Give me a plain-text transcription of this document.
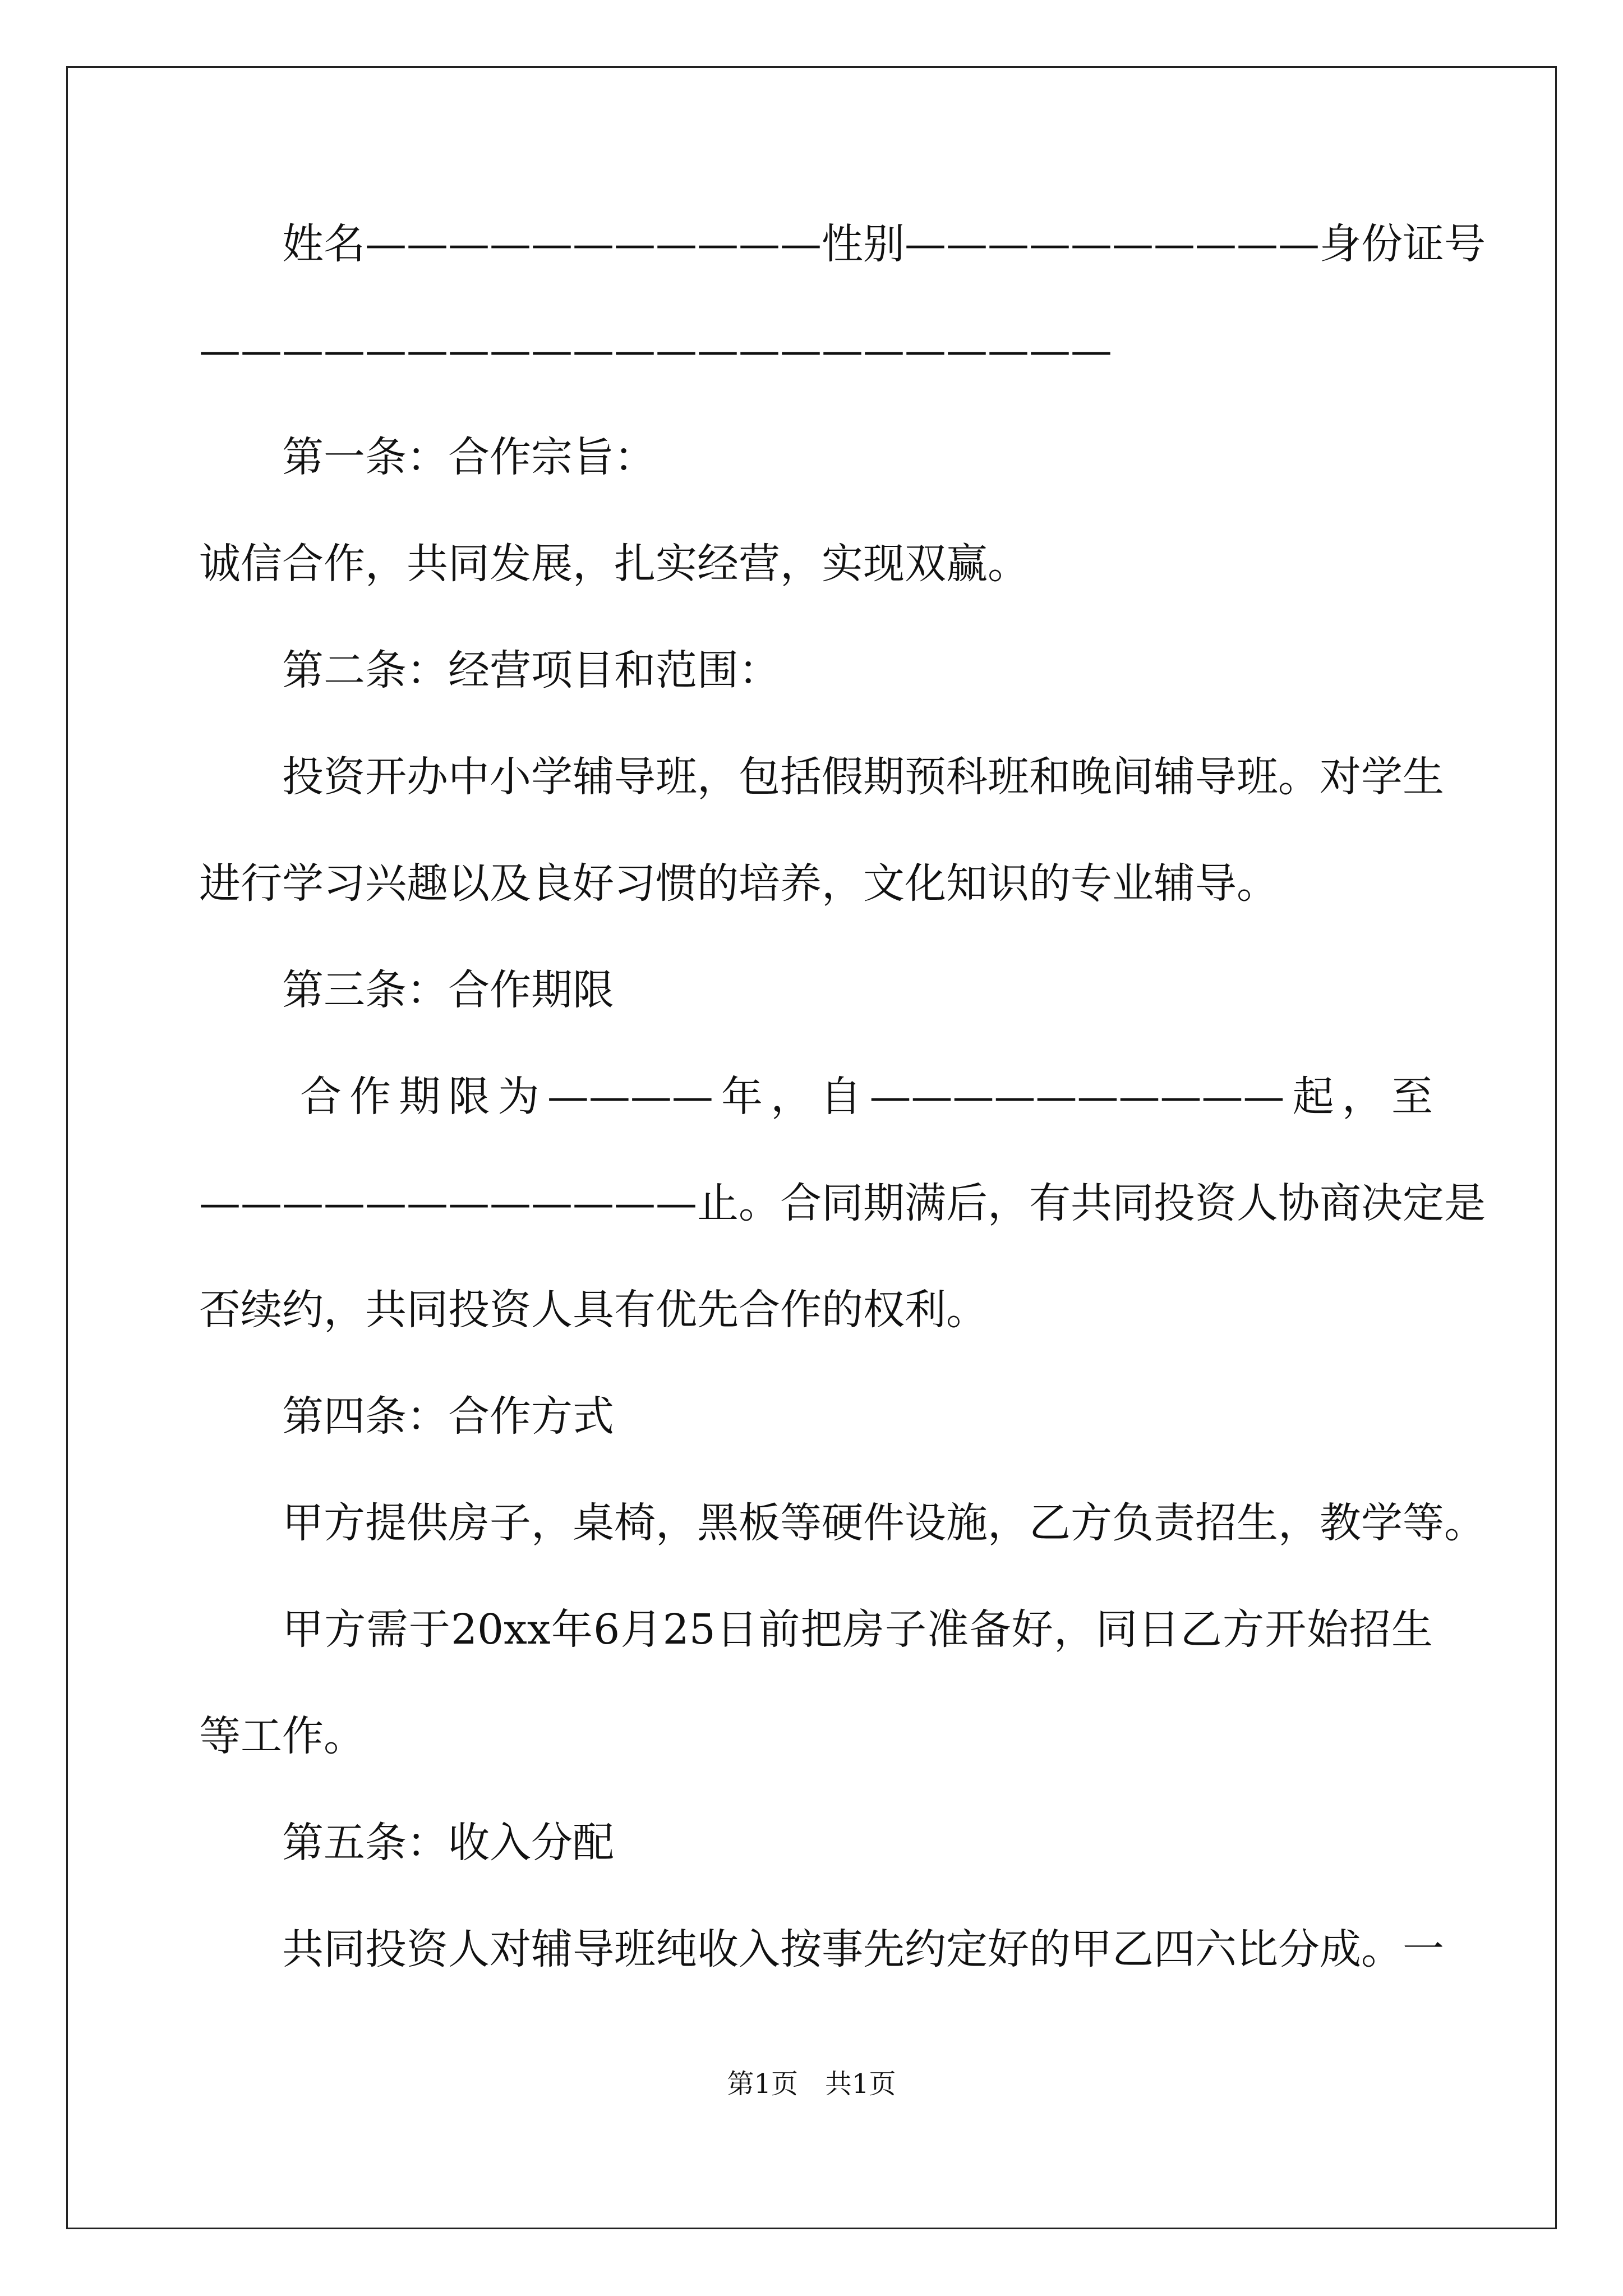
姓名———————————性别——————————身份证号
——————————————————————
第一条：合作宗旨：
诚信合作，共同发展，扎实经营，实现双赢。
第二条：经营项目和范围：
投资开办中小学辅导班，包括假期预科班和晚间辅导班。对学生
进行学习兴趣以及良好习惯的培养，文化知识的专业辅导。
第三条：合作期限
合作期限为————年，自——————————起，至
————————————止。合同期满后，有共同投资人协商决定是
否续约，共同投资人具有优先合作的权利。
第四条：合作方式
甲方提供房子，桌椅，黑板等硬件设施，乙方负责招生，教学等。
甲方需于20xx年6月25日前把房子准备好，同日乙方开始招生
等工作。
第五条：收入分配
共同投资人对辅导班纯收入按事先约定好的甲乙四六比分成。一
第1页　共1页
